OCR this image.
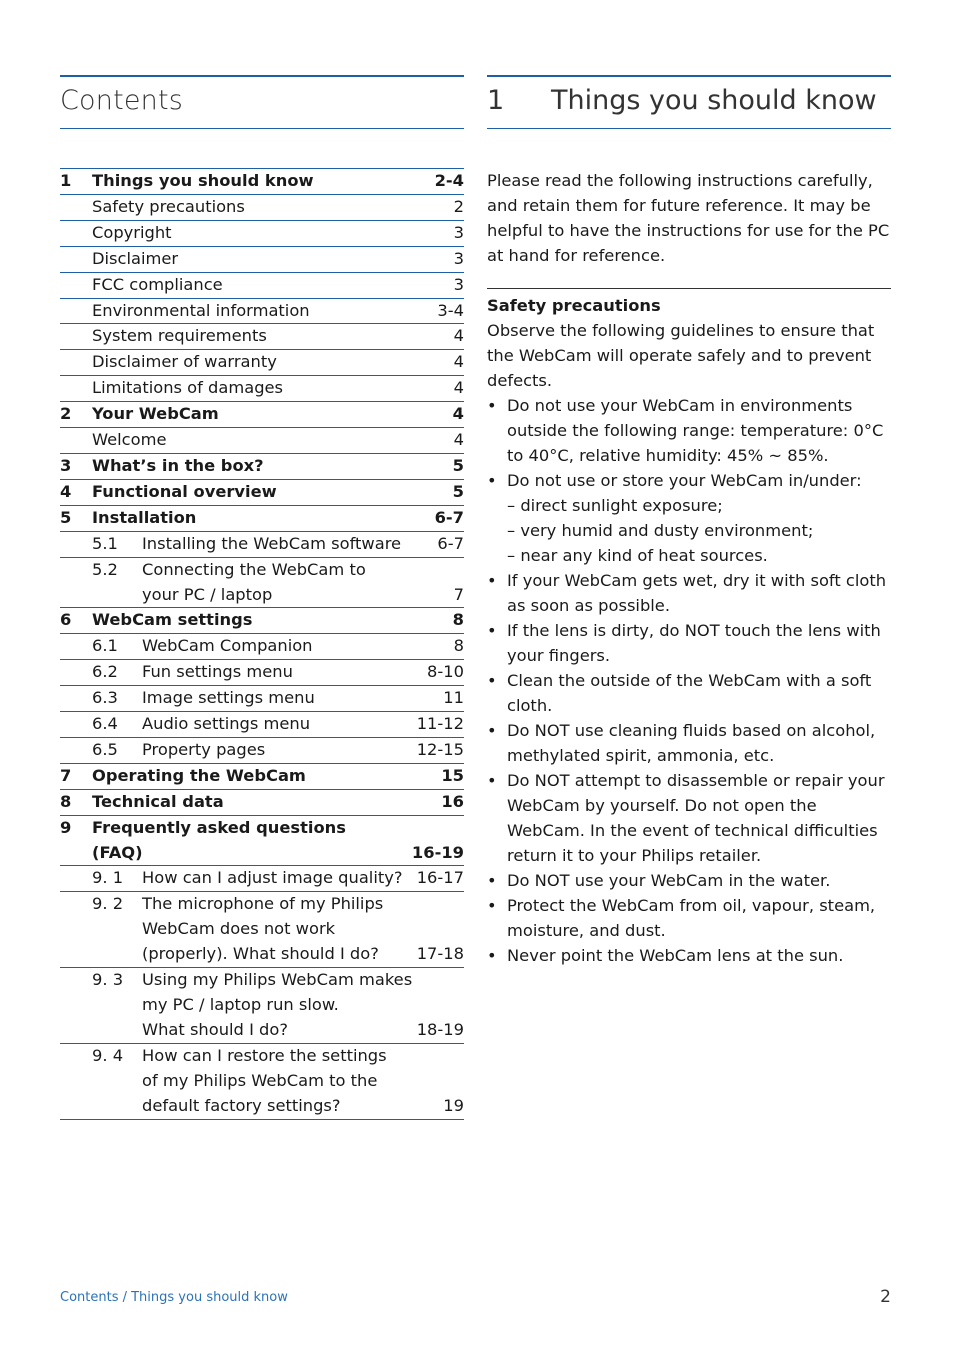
Contents	1 Things you should know
1 Things you should know	2-4
Safety precautions	2
Copyright	3
Disclaimer	3
FCC compliance	3
Environmental information	3-4
System requirements	4
Disclaimer of warranty	4
Limitations of damages	4
2 Your WebCam	4
Welcome	4
3 What’s in the box?	5
4 Functional overview	5
5 Installation	6-7
5.1 Installing the WebCam software	6-7
5.2 Connecting the WebCam to
your PC / laptop	7
6 WebCam settings	8
6.1 WebCam Companion	8
6.2 Fun settings menu	8-10
6.3 Image settings menu	11
6.4 Audio settings menu	11-12
6.5 Property pages	12-15
7 Operating the WebCam	15
8 Technical data	16
9 Frequently asked questions
(FAQ)	16-19
9. 1 How can I adjust image quality? 16-17
9. 2 The microphone of my Philips
WebCam does not work
(properly). What should I do?	17-18
9. 3 Using my Philips WebCam makes
my PC / laptop run slow.
What should I do?	18-19
9. 4 How can I restore the settings
of my Philips WebCam to the
default factory settings?	19

Please read the following instructions carefully, and retain them for future reference. It may be helpful to have the instructions for use for the PC at hand for reference.

Safety precautions

Observe the following guidelines to ensure that the WebCam will operate safely and to prevent defects.

• Do not use your WebCam in environments outside the following range: temperature: 0°C to 40°C, relative humidity: 45% ~ 85%.
• Do not use or store your WebCam in/under:
– direct sunlight exposure;
– very humid and dusty environment;
– near any kind of heat sources.
• If your WebCam gets wet, dry it with soft cloth as soon as possible.
• If the lens is dirty, do NOT touch the lens with your fingers.
• Clean the outside of the WebCam with a soft cloth.
• Do NOT use cleaning fluids based on alcohol, methylated spirit, ammonia, etc.
• Do NOT attempt to disassemble or repair your WebCam by yourself. Do not open the WebCam. In the event of technical difficulties return it to your Philips retailer.
• Do NOT use your WebCam in the water.
• Protect the WebCam from oil, vapour, steam, moisture, and dust.
• Never point the WebCam lens at the sun.
Contents / Things you should know	2
